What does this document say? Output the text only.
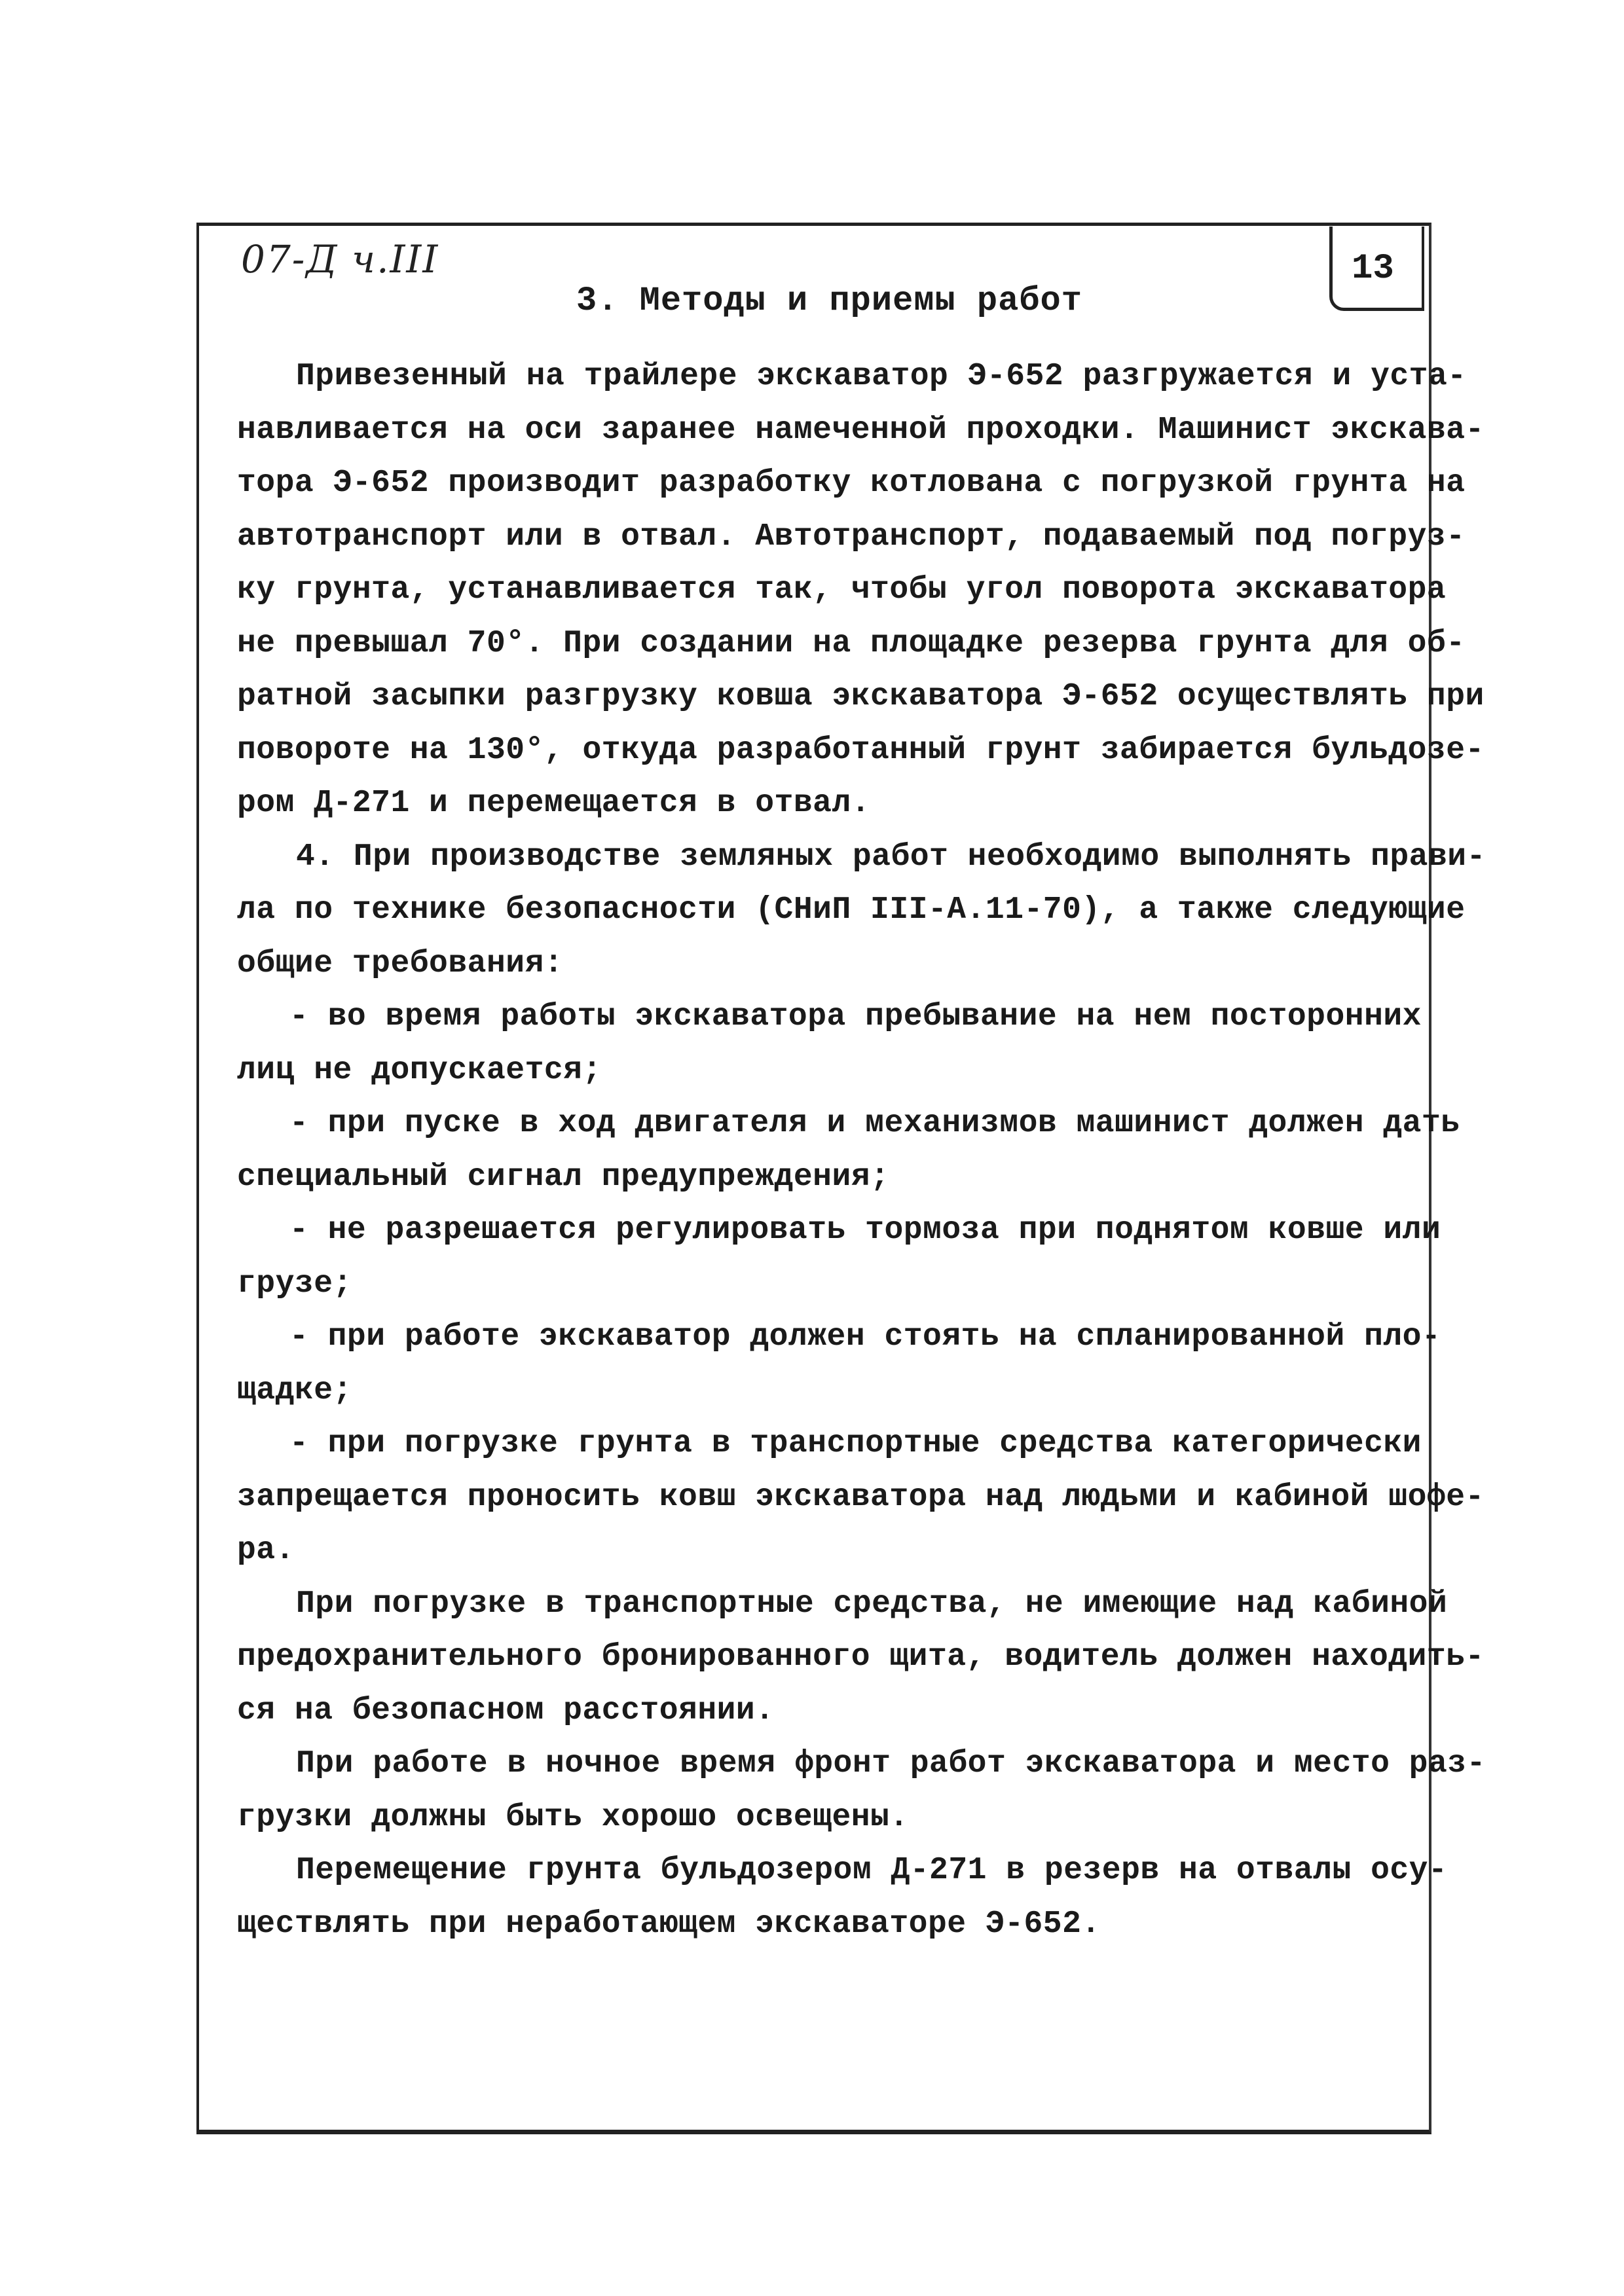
07-Д ч.III	13
3. Методы и приемы работ

Привезенный на трайлере экскаватор Э-652 разгружается и уста-
навливается на оси заранее намеченной проходки. Машинист экскава-
тора Э-652 производит разработку котлована с погрузкой грунта на
автотранспорт или в отвал. Автотранспорт, подаваемый под погруз-
ку грунта, устанавливается так, чтобы угол поворота экскаватора
не превышал 70°. При создании на площадке резерва грунта для об-
ратной засыпки разгрузку ковша экскаватора Э-652 осуществлять при
повороте на 130°, откуда разработанный грунт забирается бульдозе-
ром Д-271 и перемещается в отвал.

4. При производстве земляных работ необходимо выполнять прави-
ла по технике безопасности (СНиП III-А.11-70), а также следующие
общие требования:

- во время работы экскаватора пребывание на нем посторонних
лиц не допускается;

- при пуске в ход двигателя и механизмов машинист должен дать
специальный сигнал предупреждения;

- не разрешается регулировать тормоза при поднятом ковше или
грузе;

- при работе экскаватор должен стоять на спланированной пло-
щадке;

- при погрузке грунта в транспортные средства категорически
запрещается проносить ковш экскаватора над людьми и кабиной шофе-
ра.

При погрузке в транспортные средства, не имеющие над кабиной
предохранительного бронированного щита, водитель должен находить-
ся на безопасном расстоянии.

При работе в ночное время фронт работ экскаватора и место раз-
грузки должны быть хорошо освещены.

Перемещение грунта бульдозером Д-271 в резерв на отвалы осу-
ществлять при неработающем экскаваторе Э-652.
